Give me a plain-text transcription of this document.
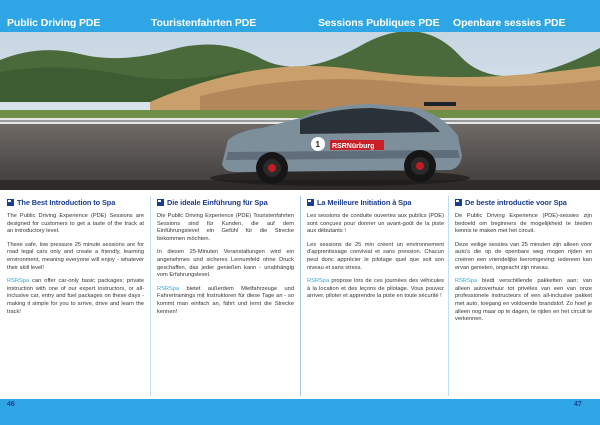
Public Driving PDE	Touristenfahrten PDE	Sessions Publiques PDE Openbare sessies PDE
RSRNürburg
1
The Best Introduction to Spa

The Public Driving Experience (PDE) Sessions are designed for customers to get a taste of the track at an introductory level.

These safe, low pressure 25 minute sessions are for road legal cars only and create a friendly, learning environment, meaning everyone will enjoy - whatever their skill level!

RSRSpa can offer car-only basic packages; private instruction with one of our expert instructors, or all-inclusive car, entry and fuel packages on these days - making it simple for you to arrive, drive and learn the track!

Die ideale Einführung für Spa

Die Public Driving Experience (PDE) Touristenfahrten Sessions sind für Kunden, die auf dem Einführungslevel ein Gefühl für die Strecke bekommen möchten.

In diesen 25-Minuten Veranstaltungen wird ein angenehmes und sicheres Lernumfeld ohne Druck geschaffen, das jeder genießen kann - unabhängig vom Erfahrungslevel.

RSRSpa bietet außerdem Mietfahrzeuge und Fahrertrainings mit Instruktoren für diese Tage an - so kommt man einfach an, fährt und lernt die Strecke kennen!

La Meilleure Initiation à Spa

Les sessions de conduite ouvertes aux publics (PDE) sont conçues pour donner un avant-goût de la piste aux débutants !

Les sessions de 25 min créent un environnement d'apprentissage convivial et sans pression. Chacun peut donc apprécier le pilotage quel que soit son niveau et sans stress.

RSRSpa propose lors de ces journées des véhicules à la location et des leçons de pilotage. Vous pouvez arriver, piloter et apprendre la piste en toute sécurité !

De beste introductie voor Spa

De Public Driving Experience (PDE)-sessies zijn bedoeld om beginners de mogelijkheid te bieden kennis te maken met het circuit.

Deze veilige sessies van 25 minuten zijn alleen voor auto's die op de openbare weg mogen rijden en creëren een vriendelijke leeromgeving: iedereen kan ervan genieten, ongeacht zijn niveau.

RSRSpa biedt verschillende pakketten aan; van alleen autoverhuur tot privéles van een van onze professionele instructeurs of een all-inclusive pakket met auto, toegang en voldoende brandstof. Zo hoef je alleen nog maar op te dagen, te rijden en het circuit te verkennen.

46 www.RSRSpa.com	www.RSRSpa.com 47
